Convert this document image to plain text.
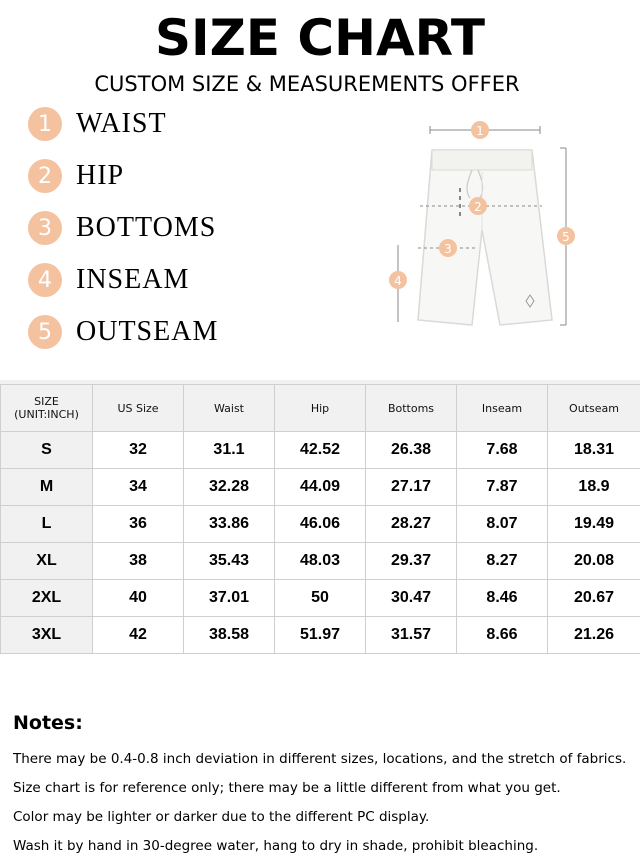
SIZE CHART
CUSTOM SIZE & MEASUREMENTS OFFER
1 WAIST
2 HIP
3 BOTTOMS
4 INSEAM
5 OUTSEAM
1
2
3
4
5
SIZE
(UNIT:INCH)	US Size	Waist	Hip	Bottoms	Inseam	Outseam
S	32	31.1	42.52	26.38	7.68	18.31
M	34	32.28	44.09	27.17	7.87	18.9
L	36	33.86	46.06	28.27	8.07	19.49
XL	38	35.43	48.03	29.37	8.27	20.08
2XL	40	37.01	50	30.47	8.46	20.67
3XL	42	38.58	51.97	31.57	8.66	21.26
Notes:
There may be 0.4-0.8 inch deviation in different sizes, locations, and the stretch of fabrics.
Size chart is for reference only; there may be a little different from what you get.
Color may be lighter or darker due to the different PC display.
Wash it by hand in 30-degree water, hang to dry in shade, prohibit bleaching.
